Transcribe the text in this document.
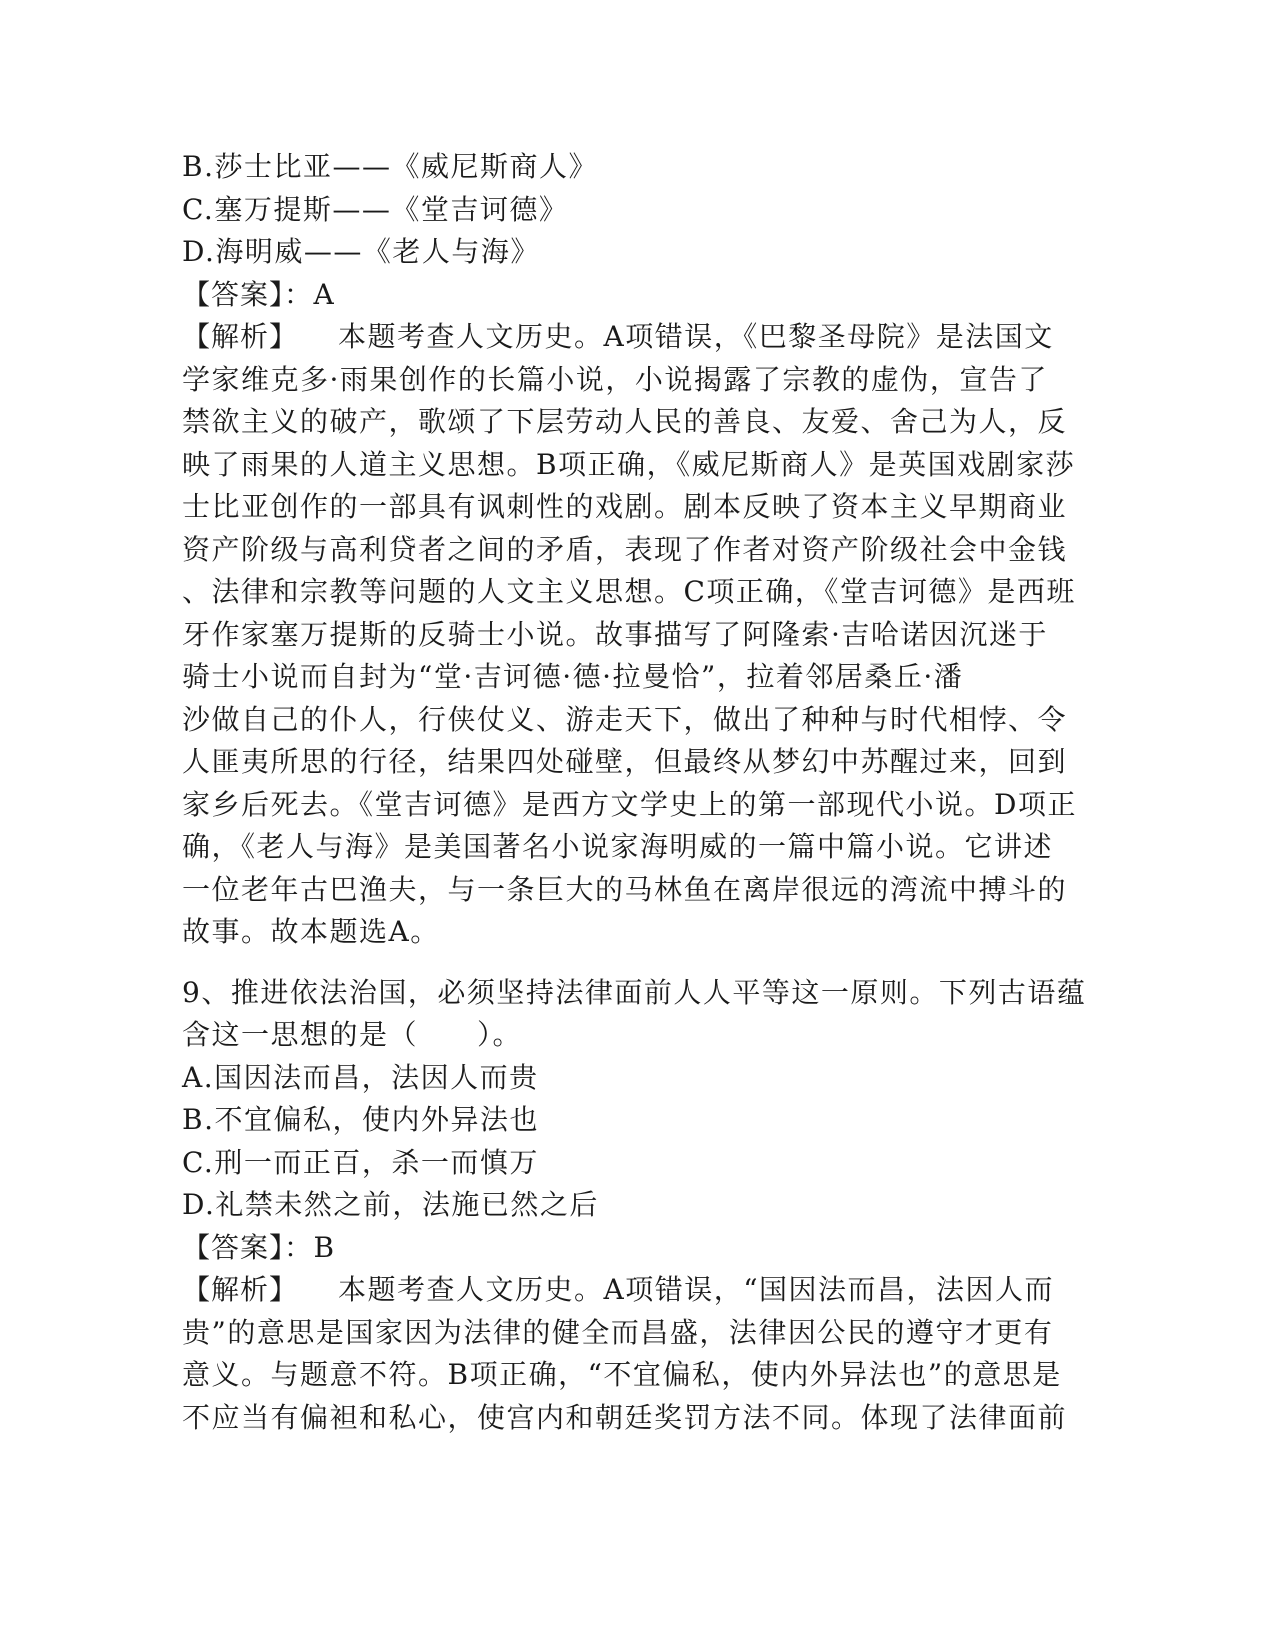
B.莎士比亚——《威尼斯商人》
C.塞万提斯——《堂吉诃德》
D.海明威——《老人与海》
【答案】：A
【解析】 本题考查人文历史。A项错误，《巴黎圣母院》是法国文
学家维克多·雨果创作的长篇小说，小说揭露了宗教的虚伪，宣告了
禁欲主义的破产，歌颂了下层劳动人民的善良、友爱、舍己为人，反
映了雨果的人道主义思想。B项正确，《威尼斯商人》是英国戏剧家莎
士比亚创作的一部具有讽刺性的戏剧。剧本反映了资本主义早期商业
资产阶级与高利贷者之间的矛盾，表现了作者对资产阶级社会中金钱
、法律和宗教等问题的人文主义思想。C项正确，《堂吉诃德》是西班
牙作家塞万提斯的反骑士小说。故事描写了阿隆索·吉哈诺因沉迷于
骑士小说而自封为“堂·吉诃德·德·拉曼恰”，拉着邻居桑丘·潘
沙做自己的仆人，行侠仗义、游走天下，做出了种种与时代相悖、令
人匪夷所思的行径，结果四处碰壁，但最终从梦幻中苏醒过来，回到
家乡后死去。《堂吉诃德》是西方文学史上的第一部现代小说。D项正
确，《老人与海》是美国著名小说家海明威的一篇中篇小说。它讲述
一位老年古巴渔夫，与一条巨大的马林鱼在离岸很远的湾流中搏斗的
故事。故本题选A。
9、推进依法治国，必须坚持法律面前人人平等这一原则。下列古语蕴
含这一思想的是（　　）。
A.国因法而昌，法因人而贵
B.不宜偏私，使内外异法也
C.刑一而正百，杀一而慎万
D.礼禁未然之前，法施已然之后
【答案】：B
【解析】 本题考查人文历史。A项错误，“国因法而昌，法因人而
贵”的意思是国家因为法律的健全而昌盛，法律因公民的遵守才更有
意义。与题意不符。B项正确，“不宜偏私，使内外异法也”的意思是
不应当有偏袒和私心，使宫内和朝廷奖罚方法不同。体现了法律面前
